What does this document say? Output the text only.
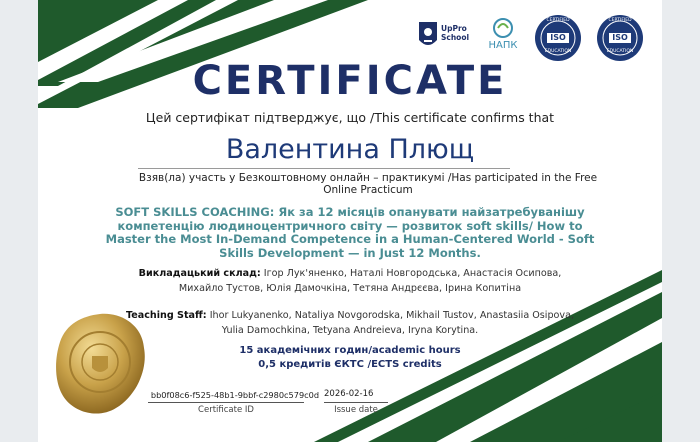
UpPro
School
НАПК
CERTIFIED
ISO
EDUCATION
CERTIFIED
ISO
EDUCATION
CERTIFICATE
Цей сертифікат підтверджує, що /This certificate confirms that
Валентина Плющ
Взяв(ла) участь у Безкоштовному онлайн – практикумі /Has participated in the Free Online Practicum
SOFT SKILLS COACHING: Як за 12 місяців опанувати найзатребуванішу компетенцію людиноцентричного світу — розвиток soft skills/ How to Master the Most In-Demand Competence in a Human-Centered World - Soft Skills Development — in Just 12 Months.
Викладацький склад: Ігор Лук'яненко, Наталі Новгородська, Анастасія Осипова, Михайло Тустов, Юлія Дамочкіна, Тетяна Андрєєва, Ірина Копитіна
Teaching Staff: Ihor Lukyanenko, Nataliya Novgorodska, Mikhail Tustov, Anastasiia Osipova, Yulia Damochkina, Tetyana Andreieva, Iryna Korytina.
15 академічних годин/academic hours
0,5 кредитів ЄКТС /ECTS credits
bb0f08c6-f525-48b1-9bbf-c2980c579c0d
Certificate ID
2026-02-16
Issue date
